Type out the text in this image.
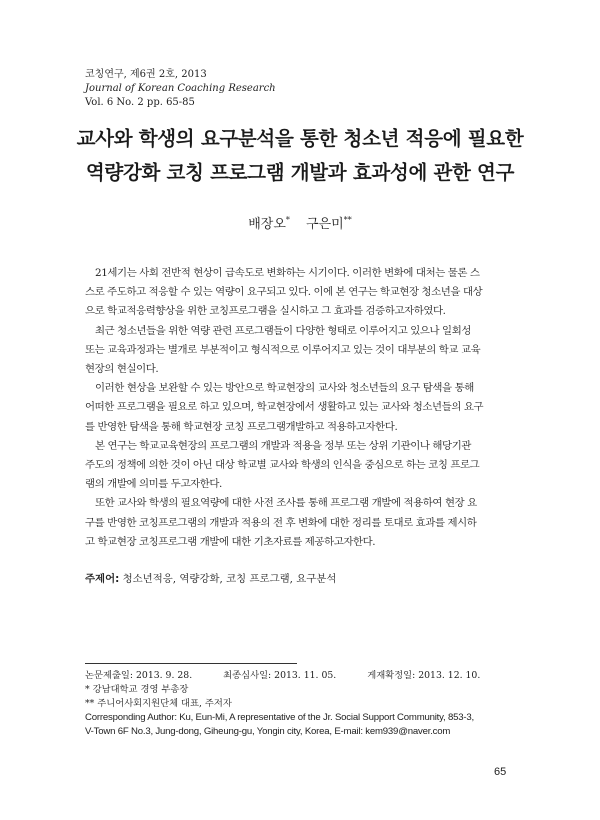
코칭연구, 제6권 2호, 2013
Journal of Korean Coaching Research
Vol. 6 No. 2 pp. 65-85
교사와 학생의 요구분석을 통한 청소년 적응에 필요한
역량강화 코칭 프로그램 개발과 효과성에 관한 연구
배장오* 구은미**
21세기는 사회 전반적 현상이 급속도로 변화하는 시기이다. 이러한 변화에 대처는 물론 스
스로 주도하고 적응할 수 있는 역량이 요구되고 있다. 이에 본 연구는 학교현장 청소년을 대상
으로 학교적응력향상을 위한 코칭프로그램을 실시하고 그 효과를 검증하고자하였다.
최근 청소년들을 위한 역량 관련 프로그램들이 다양한 형태로 이루어지고 있으나 일회성
또는 교육과정과는 별개로 부분적이고 형식적으로 이루어지고 있는 것이 대부분의 학교 교육
현장의 현실이다.
이러한 현상을 보완할 수 있는 방안으로 학교현장의 교사와 청소년들의 요구 탐색을 통해
어떠한 프로그램을 필요로 하고 있으며, 학교현장에서 생활하고 있는 교사와 청소년들의 요구
를 반영한 탐색을 통해 학교현장 코칭 프로그램개발하고 적용하고자한다.
본 연구는 학교교육현장의 프로그램의 개발과 적용을 정부 또는 상위 기관이나 해당기관
주도의 정책에 의한 것이 아닌 대상 학교별 교사와 학생의 인식을 중심으로 하는 코칭 프로그
램의 개발에 의미를 두고자한다.
또한 교사와 학생의 필요역량에 대한 사전 조사를 통해 프로그램 개발에 적용하여 현장 요
구를 반영한 코칭프로그램의 개발과 적용의 전 후 변화에 대한 정리를 토대로 효과를 제시하
고 학교현장 코칭프로그램 개발에 대한 기초자료를 제공하고자한다.
주제어: 청소년적응, 역량강화, 코칭 프로그램, 요구분석
논문제출일: 2013. 9. 28.	최종심사일: 2013. 11. 05.	게재확정일: 2013. 12. 10.
* 강남대학교 경영 부총장
** 주니어사회지원단체 대표, 주저자
Corresponding Author: Ku, Eun-Mi, A representative of the Jr. Social Support Community, 853-3,
V-Town 6F No.3, Jung-dong, Giheung-gu, Yongin city, Korea, E-mail: kem939@naver.com
65
